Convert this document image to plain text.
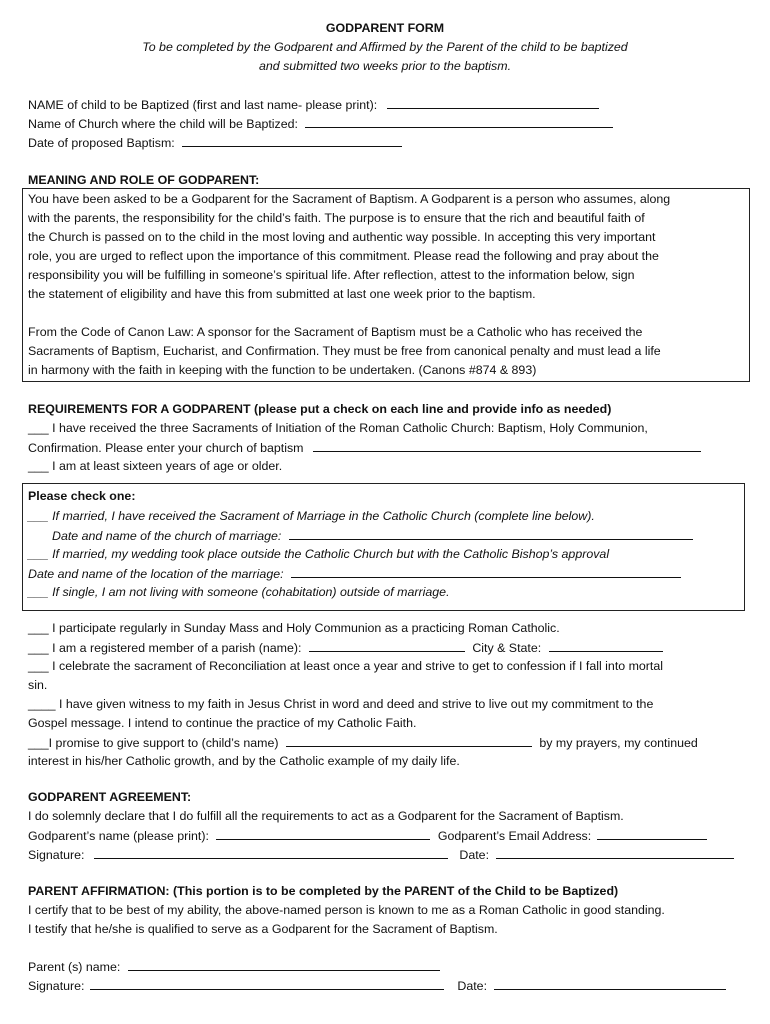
GODPARENT FORM
To be completed by the Godparent and Affirmed by the Parent of the child to be baptized
and submitted two weeks prior to the baptism.
NAME of child to be Baptized (first and last name- please print):
Name of Church where the child will be Baptized:
Date of proposed Baptism:
MEANING AND ROLE OF GODPARENT:
You have been asked to be a Godparent for the Sacrament of Baptism. A Godparent is a person who assumes, along
with the parents, the responsibility for the child’s faith. The purpose is to ensure that the rich and beautiful faith of
the Church is passed on to the child in the most loving and authentic way possible. In accepting this very important
role, you are urged to reflect upon the importance of this commitment. Please read the following and pray about the
responsibility you will be fulfilling in someone’s spiritual life. After reflection, attest to the information below, sign
the statement of eligibility and have this from submitted at last one week prior to the baptism.
From the Code of Canon Law: A sponsor for the Sacrament of Baptism must be a Catholic who has received the
Sacraments of Baptism, Eucharist, and Confirmation. They must be free from canonical penalty and must lead a life
in harmony with the faith in keeping with the function to be undertaken. (Canons #874 & 893)
REQUIREMENTS FOR A GODPARENT (please put a check on each line and provide info as needed)
___ I have received the three Sacraments of Initiation of the Roman Catholic Church: Baptism, Holy Communion,
Confirmation. Please enter your church of baptism
___ I am at least sixteen years of age or older.
Please check one:
___ If married, I have received the Sacrament of Marriage in the Catholic Church (complete line below).
Date and name of the church of marriage:
___ If married, my wedding took place outside the Catholic Church but with the Catholic Bishop’s approval
Date and name of the location of the marriage:
___ If single, I am not living with someone (cohabitation) outside of marriage.
___ I participate regularly in Sunday Mass and Holy Communion as a practicing Roman Catholic.
___ I am a registered member of a parish (name):	City & State:
___ I celebrate the sacrament of Reconciliation at least once a year and strive to get to confession if I fall into mortal
sin.
____ I have given witness to my faith in Jesus Christ in word and deed and strive to live out my commitment to the
Gospel message. I intend to continue the practice of my Catholic Faith.
___I promise to give support to (child’s name)	by my prayers, my continued
interest in his/her Catholic growth, and by the Catholic example of my daily life.
GODPARENT AGREEMENT:
I do solemnly declare that I do fulfill all the requirements to act as a Godparent for the Sacrament of Baptism.
Godparent’s name (please print):	Godparent’s Email Address:
Signature:	Date:
PARENT AFFIRMATION: (This portion is to be completed by the PARENT of the Child to be Baptized)
I certify that to be best of my ability, the above-named person is known to me as a Roman Catholic in good standing.
I testify that he/she is qualified to serve as a Godparent for the Sacrament of Baptism.
Parent (s) name:
Signature:	Date:
